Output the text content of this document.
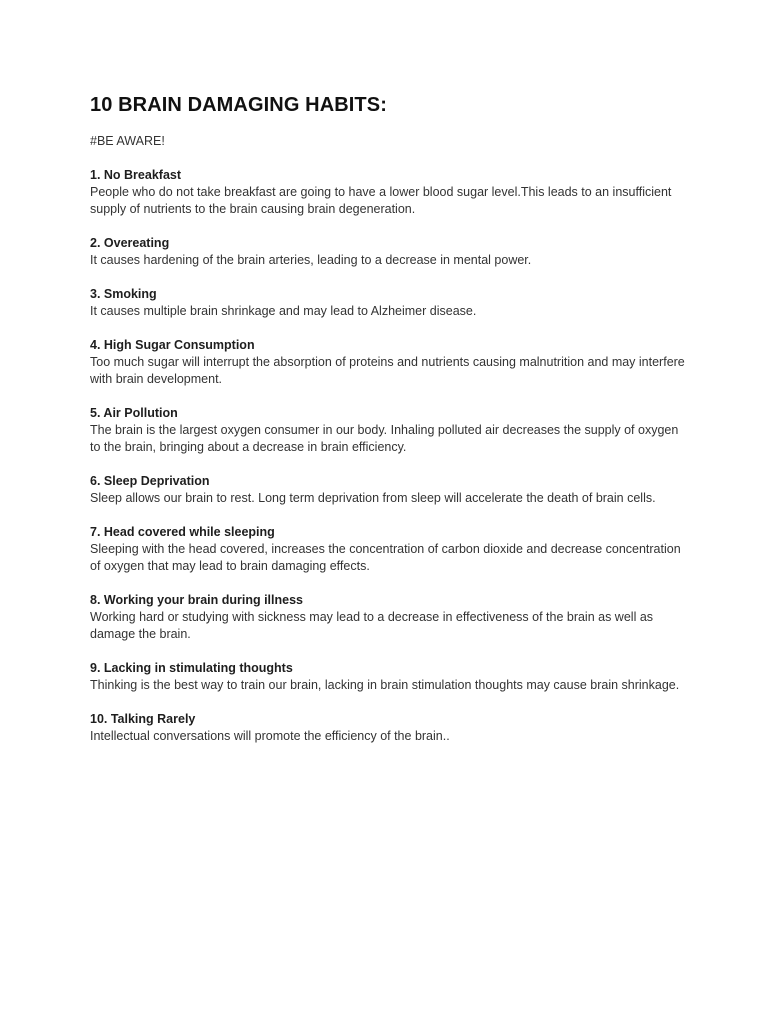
10 BRAIN DAMAGING HABITS:
#BE AWARE!
1. No Breakfast
People who do not take breakfast are going to have a lower blood sugar level.This leads to an insufficient supply of nutrients to the brain causing brain degeneration.
2. Overeating
It causes hardening of the brain arteries, leading to a decrease in mental power.
3. Smoking
It causes multiple brain shrinkage and may lead to Alzheimer disease.
4. High Sugar Consumption
Too much sugar will interrupt the absorption of proteins and nutrients causing malnutrition and may interfere with brain development.
5. Air Pollution
The brain is the largest oxygen consumer in our body. Inhaling polluted air decreases the supply of oxygen to the brain, bringing about a decrease in brain efficiency.
6. Sleep Deprivation
Sleep allows our brain to rest. Long term deprivation from sleep will accelerate the death of brain cells.
7. Head covered while sleeping
Sleeping with the head covered, increases the concentration of carbon dioxide and decrease concentration of oxygen that may lead to brain damaging effects.
8. Working your brain during illness
Working hard or studying with sickness may lead to a decrease in effectiveness of the brain as well as damage the brain.
9. Lacking in stimulating thoughts
Thinking is the best way to train our brain, lacking in brain stimulation thoughts may cause brain shrinkage.
10. Talking Rarely
Intellectual conversations will promote the efficiency of the brain..
